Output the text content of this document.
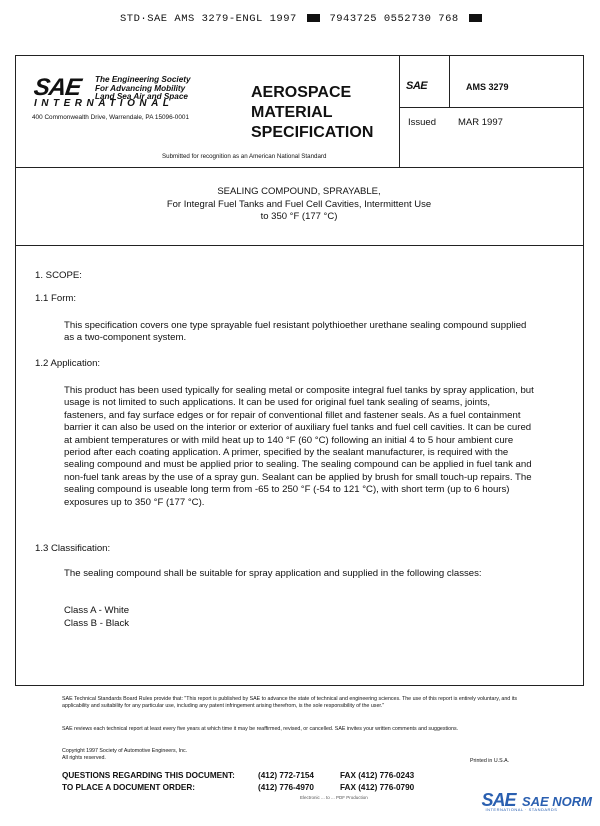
STD·SAE AMS 3279-ENGL 1997	7943725 0552730 768
SAE The Engineering Society
For Advancing Mobility
Land Sea Air and Space
INTERNATIONAL
400 Commonwealth Drive, Warrendale, PA 15096-0001
AEROSPACE
MATERIAL
SPECIFICATION
Submitted for recognition as an American National Standard
SAE	AMS 3279
Issued MAR 1997
SEALING COMPOUND, SPRAYABLE,
For Integral Fuel Tanks and Fuel Cell Cavities, Intermittent Use
to 350 °F (177 °C)
1. SCOPE:
1.1 Form:
This specification covers one type sprayable fuel resistant polythioether urethane sealing compound supplied as a two-component system.
1.2 Application:
This product has been used typically for sealing metal or composite integral fuel tanks by spray application, but usage is not limited to such applications. It can be used for original fuel tank sealing of seams, joints, fasteners, and fay surface edges or for repair of conventional fillet and fastener seals. As a fuel containment barrier it can also be used on the interior or exterior of auxiliary fuel tanks and fuel cell cavities. It can be cured at ambient temperatures or with mild heat up to 140 °F (60 °C) following an initial 4 to 5 hour ambient cure period after each coating application. A primer, specified by the sealant manufacturer, is required with the sealing compound and must be applied prior to sealing. The sealing compound can be applied in fuel tank and non-fuel tank areas by the use of a spray gun. Sealant can be applied by brush for small touch-up repairs. The sealing compound is useable long term from -65 to 250 °F (-54 to 121 °C), with short term (up to 6 hours) exposures up to 350 °F (177 °C).
1.3 Classification:
The sealing compound shall be suitable for spray application and supplied in the following classes:
Class A - White
Class B - Black
SAE Technical Standards Board Rules provide that: "This report is published by SAE to advance the state of technical and engineering sciences. The use of this report is entirely voluntary, and its applicability and suitability for any particular use, including any patent infringement arising therefrom, is the sole responsibility of the user."
SAE reviews each technical report at least every five years at which time it may be reaffirmed, revised, or cancelled. SAE invites your written comments and suggestions.
Copyright 1997 Society of Automotive Engineers, Inc.
All rights reserved.	Printed in U.S.A.
QUESTIONS REGARDING THIS DOCUMENT:	(412) 772-7154	FAX (412) 776-0243
TO PLACE A DOCUMENT ORDER:	(412) 776-4970	FAX (412) 776-0790
Electronic ... to ... PDF Production	SAE SAE NORM
INTERNATIONAL · STANDARDS
